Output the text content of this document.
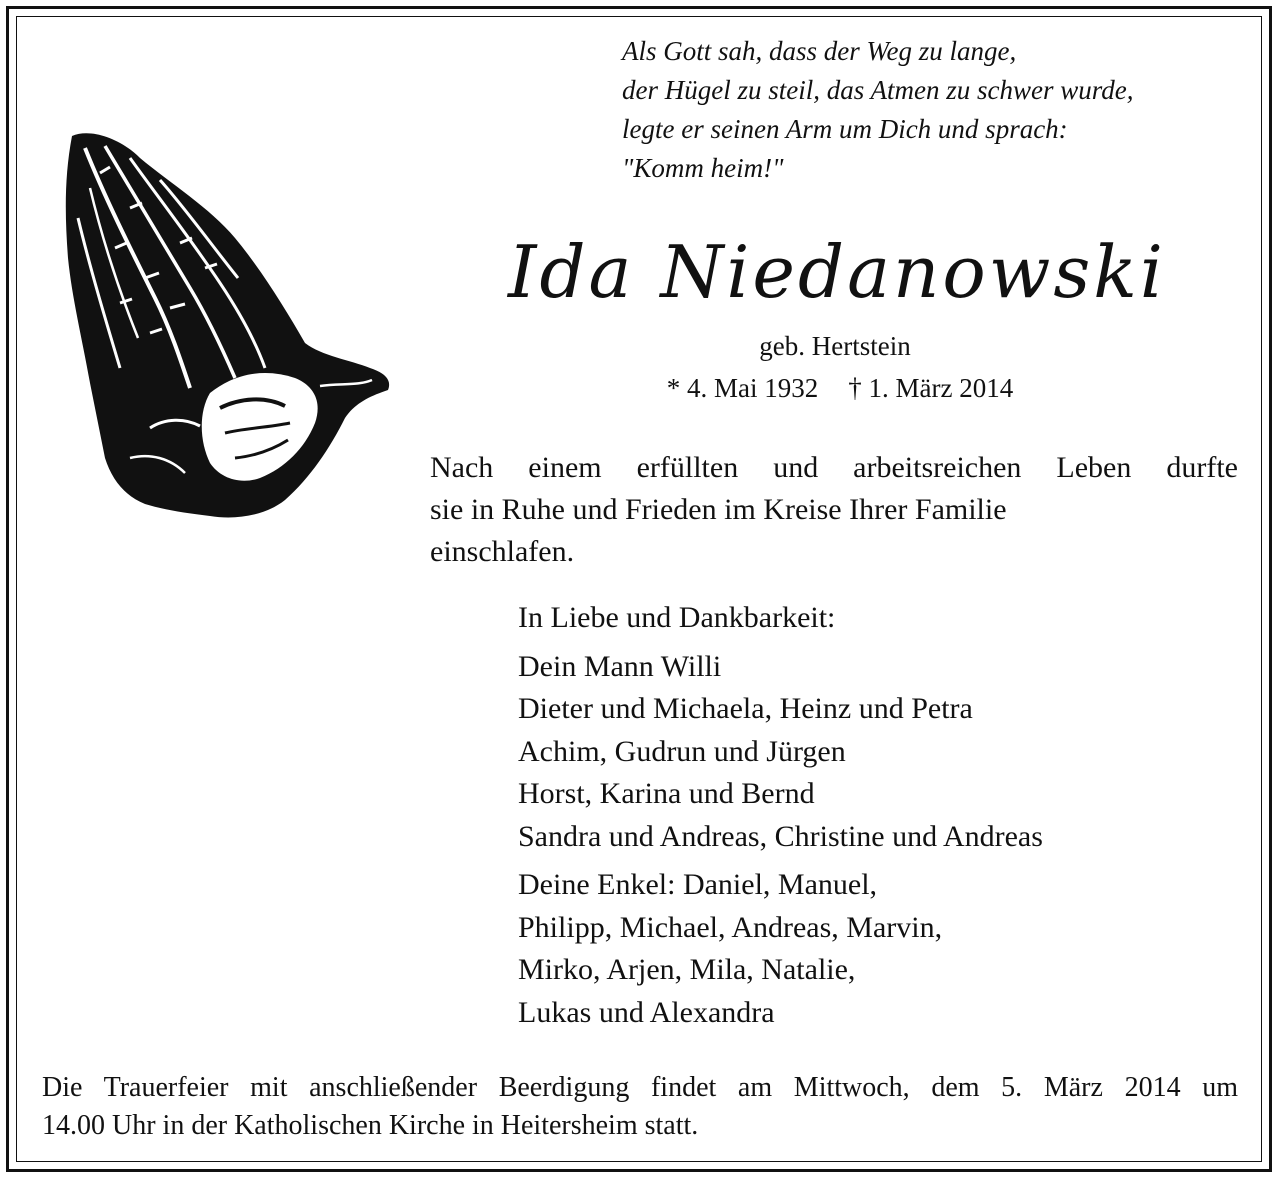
Als Gott sah, dass der Weg zu lange,
der Hügel zu steil, das Atmen zu schwer wurde,
legte er seinen Arm um Dich und sprach:
"Komm heim!"
Ida Niedanowski
geb. Hertstein
* 4. Mai 1932 † 1. März 2014
Nach einem erfüllten und arbeitsreichen Leben durfte
sie in Ruhe und Frieden im Kreise Ihrer Familie
einschlafen.
In Liebe und Dankbarkeit:
Dein Mann Willi
Dieter und Michaela, Heinz und Petra
Achim, Gudrun und Jürgen
Horst, Karina und Bernd
Sandra und Andreas, Christine und Andreas
Deine Enkel: Daniel, Manuel,
Philipp, Michael, Andreas, Marvin,
Mirko, Arjen, Mila, Natalie,
Lukas und Alexandra
Die Trauerfeier mit anschließender Beerdigung findet am Mittwoch, dem 5. März 2014 um
14.00 Uhr in der Katholischen Kirche in Heitersheim statt.
